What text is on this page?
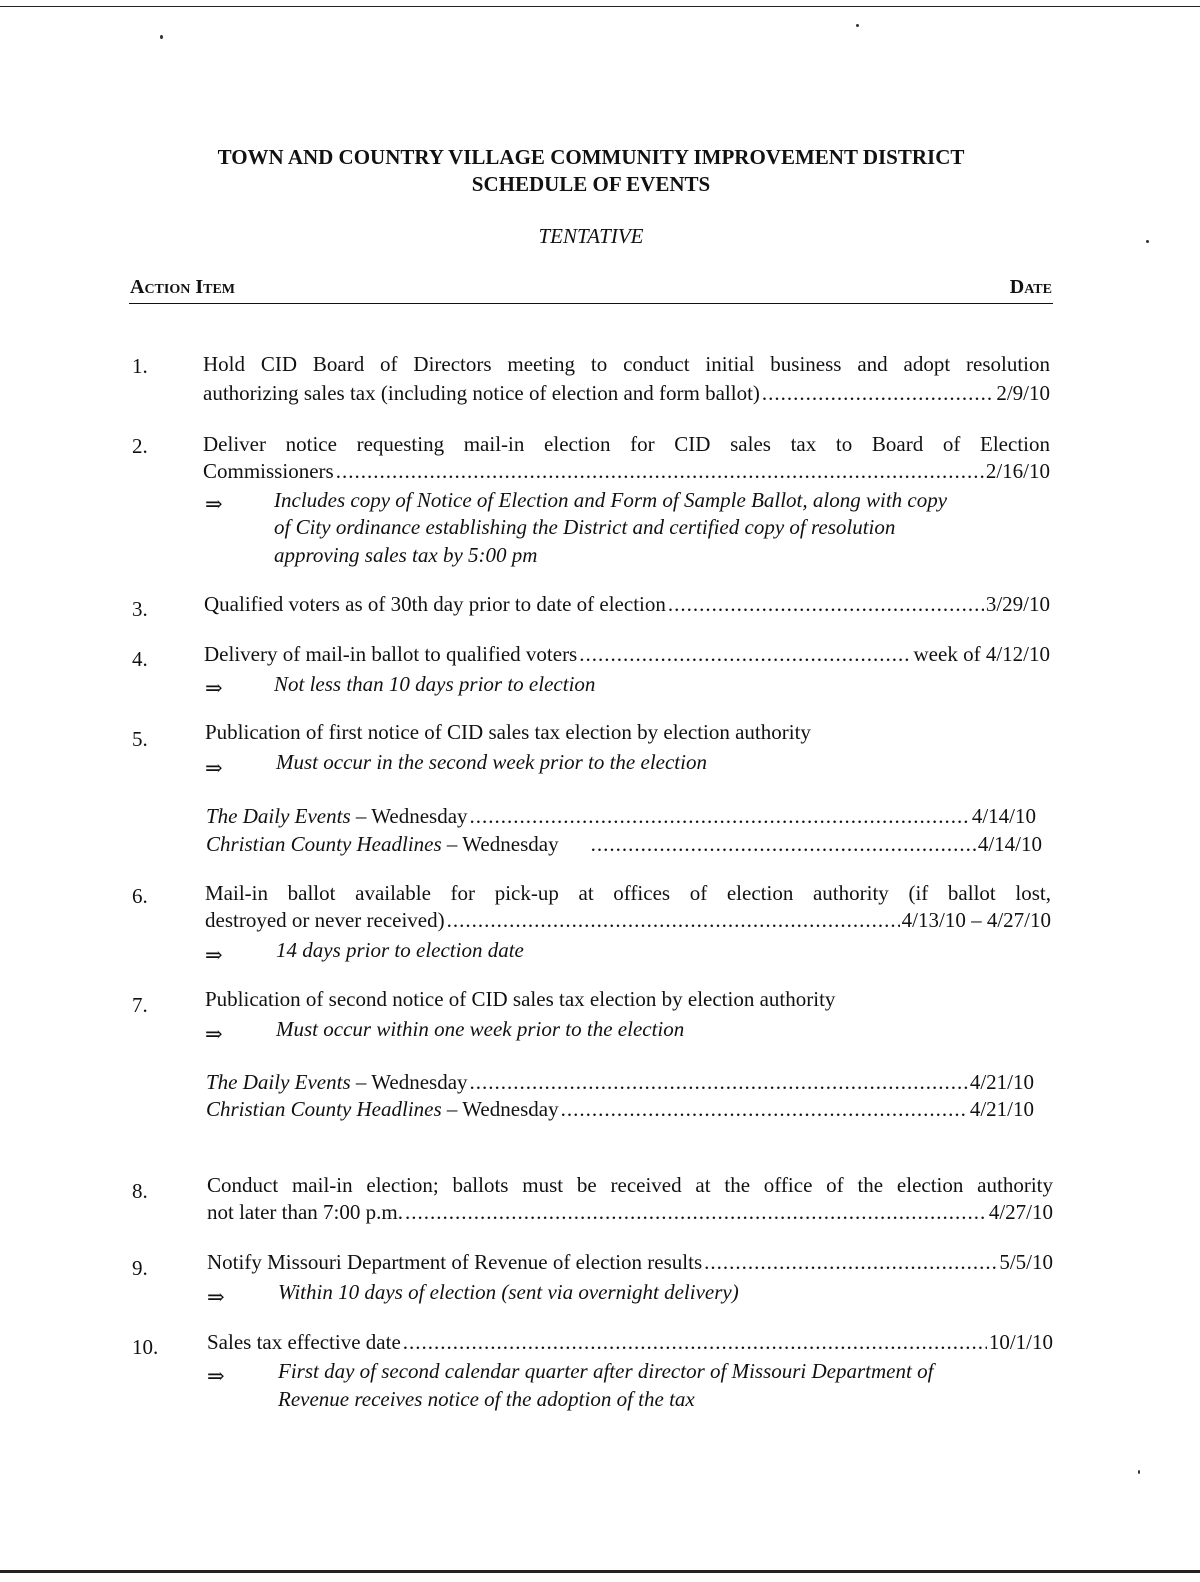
TOWN AND COUNTRY VILLAGE COMMUNITY IMPROVEMENT DISTRICT
SCHEDULE OF EVENTS
TENTATIVE
Action Item	Date
1.	Hold CID Board of Directors meeting to conduct initial business and adopt resolution
authorizing sales tax (including notice of election and form ballot) .....	2/9/10
2.	Deliver notice requesting mail-in election for CID sales tax to Board of Election
Commissioners .....	2/16/10
⇒ Includes copy of Notice of Election and Form of Sample Ballot, along with copy
of City ordinance establishing the District and certified copy of resolution
approving sales tax by 5:00 pm
3.	Qualified voters as of 30th day prior to date of election .....	3/29/10
4.	Delivery of mail-in ballot to qualified voters .....	week of 4/12/10
⇒ Not less than 10 days prior to election
5.	Publication of first notice of CID sales tax election by election authority
⇒	Must occur in the second week prior to the election
The Daily Events – Wednesday .....	4/14/10
Christian County Headlines – Wednesday .....	4/14/10
6.	Mail-in ballot available for pick-up at offices of election authority (if ballot lost,
destroyed or never received) .....	4/13/10 – 4/27/10
⇒	14 days prior to election date
7.	Publication of second notice of CID sales tax election by election authority
⇒	Must occur within one week prior to the election
The Daily Events – Wednesday .....	4/21/10
Christian County Headlines – Wednesday .....	4/21/10
8.	Conduct mail-in election; ballots must be received at the office of the election authority
not later than 7:00 p.m. .....	4/27/10
9.	Notify Missouri Department of Revenue of election results .....	5/5/10
⇒	Within 10 days of election (sent via overnight delivery)
10. Sales tax effective date .....	10/1/10
⇒	First day of second calendar quarter after director of Missouri Department of
Revenue receives notice of the adoption of the tax
